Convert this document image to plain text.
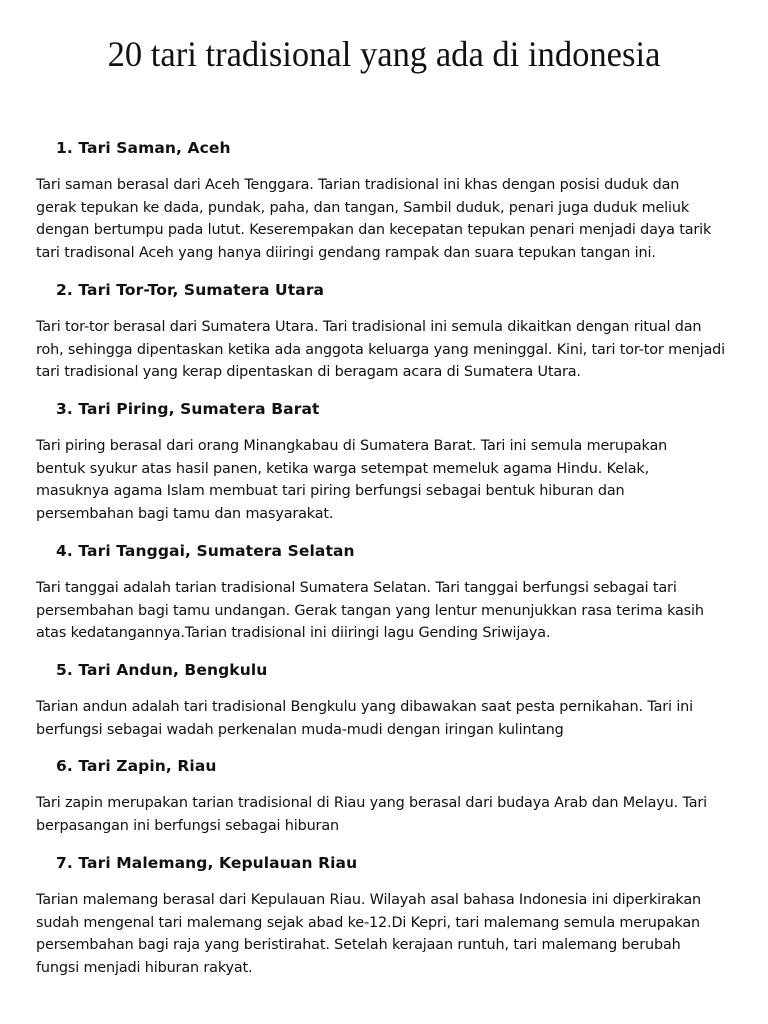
20 tari tradisional yang ada di indonesia
1. Tari Saman, Aceh

Tari saman berasal dari Aceh Tenggara. Tarian tradisional ini khas dengan posisi duduk dan
gerak tepukan ke dada, pundak, paha, dan tangan, Sambil duduk, penari juga duduk meliuk
dengan bertumpu pada lutut. Keserempakan dan kecepatan tepukan penari menjadi daya tarik
tari tradisonal Aceh yang hanya diiringi gendang rampak dan suara tepukan tangan ini.

2. Tari Tor-Tor, Sumatera Utara

Tari tor-tor berasal dari Sumatera Utara. Tari tradisional ini semula dikaitkan dengan ritual dan
roh, sehingga dipentaskan ketika ada anggota keluarga yang meninggal. Kini, tari tor-tor menjadi
tari tradisional yang kerap dipentaskan di beragam acara di Sumatera Utara.

3. Tari Piring, Sumatera Barat

Tari piring berasal dari orang Minangkabau di Sumatera Barat. Tari ini semula merupakan
bentuk syukur atas hasil panen, ketika warga setempat memeluk agama Hindu. Kelak,
masuknya agama Islam membuat tari piring berfungsi sebagai bentuk hiburan dan
persembahan bagi tamu dan masyarakat.

4. Tari Tanggai, Sumatera Selatan

Tari tanggai adalah tarian tradisional Sumatera Selatan. Tari tanggai berfungsi sebagai tari
persembahan bagi tamu undangan. Gerak tangan yang lentur menunjukkan rasa terima kasih
atas kedatangannya.Tarian tradisional ini diiringi lagu Gending Sriwijaya.

5. Tari Andun, Bengkulu

Tarian andun adalah tari tradisional Bengkulu yang dibawakan saat pesta pernikahan. Tari ini
berfungsi sebagai wadah perkenalan muda-mudi dengan iringan kulintang

6. Tari Zapin, Riau

Tari zapin merupakan tarian tradisional di Riau yang berasal dari budaya Arab dan Melayu. Tari
berpasangan ini berfungsi sebagai hiburan

7. Tari Malemang, Kepulauan Riau

Tarian malemang berasal dari Kepulauan Riau. Wilayah asal bahasa Indonesia ini diperkirakan
sudah mengenal tari malemang sejak abad ke-12.Di Kepri, tari malemang semula merupakan
persembahan bagi raja yang beristirahat. Setelah kerajaan runtuh, tari malemang berubah
fungsi menjadi hiburan rakyat.
